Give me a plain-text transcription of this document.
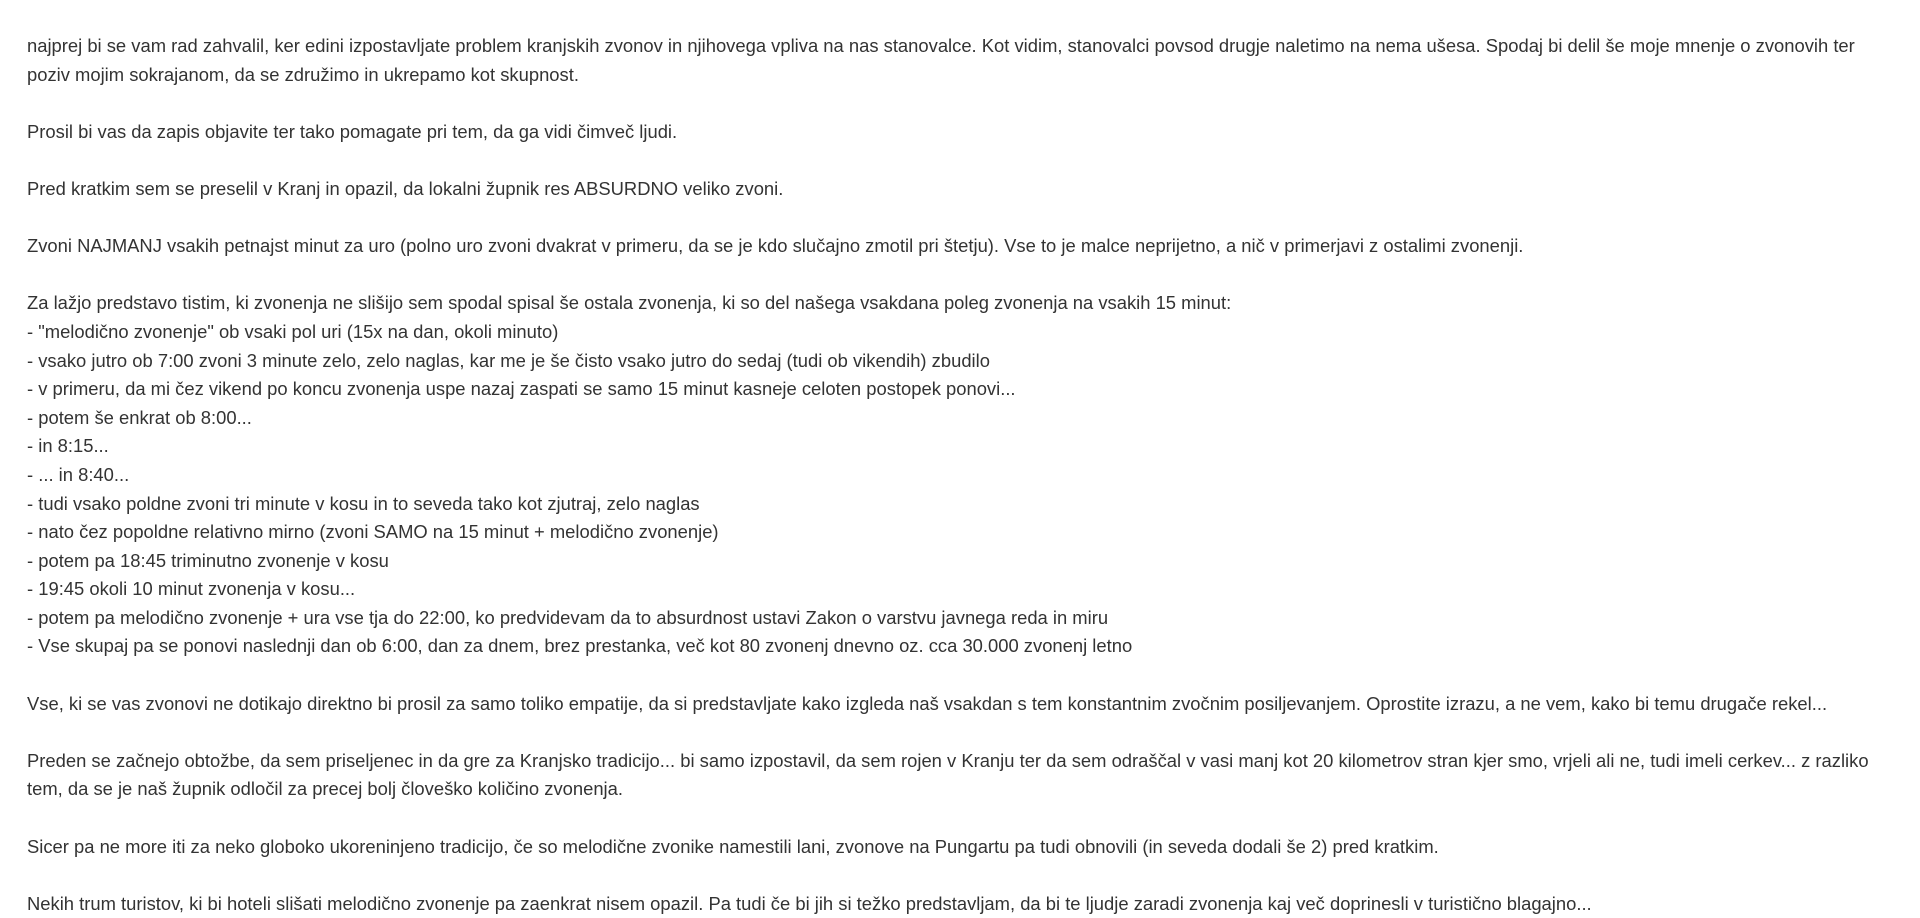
najprej bi se vam rad zahvalil, ker edini izpostavljate problem kranjskih zvonov in njihovega vpliva na nas stanovalce. Kot vidim, stanovalci povsod drugje naletimo na nema ušesa. Spodaj bi delil še moje mnenje o zvonovih ter
poziv mojim sokrajanom, da se združimo in ukrepamo kot skupnost.

Prosil bi vas da zapis objavite ter tako pomagate pri tem, da ga vidi čimveč ljudi.

Pred kratkim sem se preselil v Kranj in opazil, da lokalni župnik res ABSURDNO veliko zvoni.

Zvoni NAJMANJ vsakih petnajst minut za uro (polno uro zvoni dvakrat v primeru, da se je kdo slučajno zmotil pri štetju). Vse to je malce neprijetno, a nič v primerjavi z ostalimi zvonenji.

Za lažjo predstavo tistim, ki zvonenja ne slišijo sem spodal spisal še ostala zvonenja, ki so del našega vsakdana poleg zvonenja na vsakih 15 minut:
- "melodično zvonenje" ob vsaki pol uri (15x na dan, okoli minuto)
- vsako jutro ob 7:00 zvoni 3 minute zelo, zelo naglas, kar me je še čisto vsako jutro do sedaj (tudi ob vikendih) zbudilo
- v primeru, da mi čez vikend po koncu zvonenja uspe nazaj zaspati se samo 15 minut kasneje celoten postopek ponovi...
- potem še enkrat ob 8:00...
- in 8:15...
- ... in 8:40...
- tudi vsako poldne zvoni tri minute v kosu in to seveda tako kot zjutraj, zelo naglas
- nato čez popoldne relativno mirno (zvoni SAMO na 15 minut + melodično zvonenje)
- potem pa 18:45 triminutno zvonenje v kosu
- 19:45 okoli 10 minut zvonenja v kosu...
- potem pa melodično zvonenje + ura vse tja do 22:00, ko predvidevam da to absurdnost ustavi Zakon o varstvu javnega reda in miru
- Vse skupaj pa se ponovi naslednji dan ob 6:00, dan za dnem, brez prestanka, več kot 80 zvonenj dnevno oz. cca 30.000 zvonenj letno

Vse, ki se vas zvonovi ne dotikajo direktno bi prosil za samo toliko empatije, da si predstavljate kako izgleda naš vsakdan s tem konstantnim zvočnim posiljevanjem. Oprostite izrazu, a ne vem, kako bi temu drugače rekel...

Preden se začnejo obtožbe, da sem priseljenec in da gre za Kranjsko tradicijo... bi samo izpostavil, da sem rojen v Kranju ter da sem odraščal v vasi manj kot 20 kilometrov stran kjer smo, vrjeli ali ne, tudi imeli cerkev... z razliko
tem, da se je naš župnik odločil za precej bolj človeško količino zvonenja.

Sicer pa ne more iti za neko globoko ukoreninjeno tradicijo, če so melodične zvonike namestili lani, zvonove na Pungartu pa tudi obnovili (in seveda dodali še 2) pred kratkim.

Nekih trum turistov, ki bi hoteli slišati melodično zvonenje pa zaenkrat nisem opazil. Pa tudi če bi jih si težko predstavljam, da bi te ljudje zaradi zvonenja kaj več doprinesli v turistično blagajno...
